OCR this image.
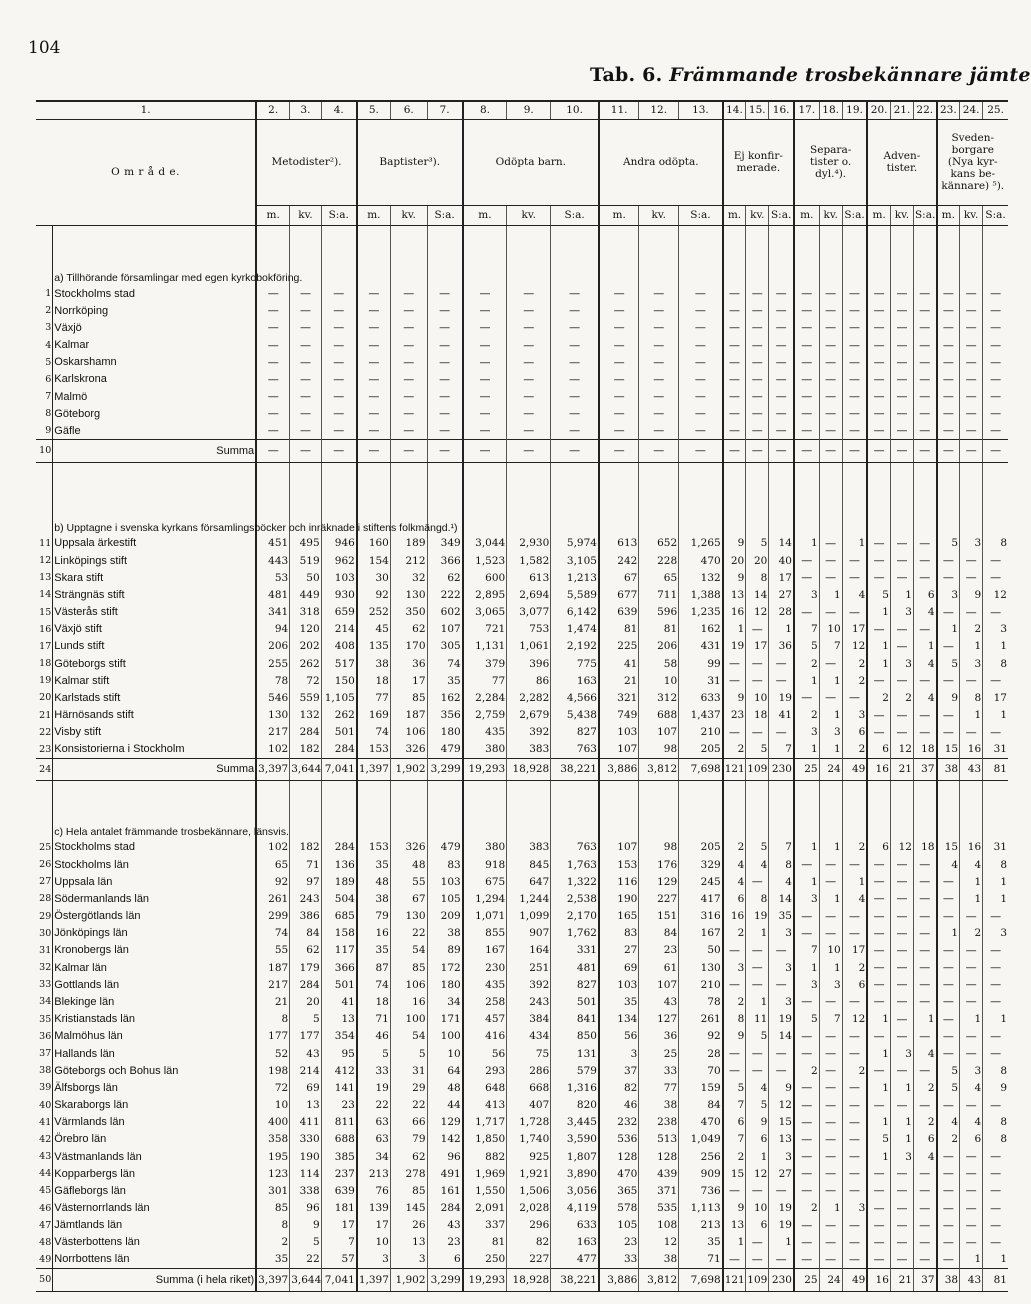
104
Tab. 6. Främmande trosbekännare jämte
1.		2.	3.	4.	5.	6.	7.	8.	9.	10.	11.	12.	13.	14.	15.	16.	17.	18.	19.	20.	21.	22.	23.	24.	25.
O m r å d e.		Metodister²).			Baptister³).			Odöpta barn.			Andra odöpta.			Ej konfir- merade.			Separa- tister o. dyl.⁴).			Adven- tister.			Sveden- borgare (Nya kyr- kans be- kännare) ⁵).		
		m.	kv.	S:a.	m.	kv.	S:a.	m.	kv.	S:a.	m.	kv.	S:a.	m.	kv.	S:a.	m.	kv.	S:a.	m.	kv.	S:a.	m.	kv.	S:a.
	a) Tillhörande församlingar med egen kyrkobokföring.																								
1	Stockholms stad	—	—	—	—	—	—	—	—	—	—	—	—	—	—	—	—	—	—	—	—	—	—	—	—
2	Norrköping	—	—	—	—	—	—	—	—	—	—	—	—	—	—	—	—	—	—	—	—	—	—	—	—
3	Växjö	—	—	—	—	—	—	—	—	—	—	—	—	—	—	—	—	—	—	—	—	—	—	—	—
4	Kalmar	—	—	—	—	—	—	—	—	—	—	—	—	—	—	—	—	—	—	—	—	—	—	—	—
5	Oskarshamn	—	—	—	—	—	—	—	—	—	—	—	—	—	—	—	—	—	—	—	—	—	—	—	—
6	Karlskrona	—	—	—	—	—	—	—	—	—	—	—	—	—	—	—	—	—	—	—	—	—	—	—	—
7	Malmö	—	—	—	—	—	—	—	—	—	—	—	—	—	—	—	—	—	—	—	—	—	—	—	—
8	Göteborg	—	—	—	—	—	—	—	—	—	—	—	—	—	—	—	—	—	—	—	—	—	—	—	—
9	Gäfle	—	—	—	—	—	—	—	—	—	—	—	—	—	—	—	—	—	—	—	—	—	—	—	—
10	Summa	—	—	—	—	—	—	—	—	—	—	—	—	—	—	—	—	—	—	—	—	—	—	—	—
	b) Upptagne i svenska kyrkans församlingsböcker och inräknade i stiftens folkmängd.¹)																								
11	Uppsala ärkestift	451	495	946	160	189	349	3,044	2,930	5,974	613	652	1,265	9	5	14	1	—	1	—	—	—	5	3	8
12	Linköpings stift	443	519	962	154	212	366	1,523	1,582	3,105	242	228	470	20	20	40	—	—	—	—	—	—	—	—	—
13	Skara stift	53	50	103	30	32	62	600	613	1,213	67	65	132	9	8	17	—	—	—	—	—	—	—	—	—
14	Strängnäs stift	481	449	930	92	130	222	2,895	2,694	5,589	677	711	1,388	13	14	27	3	1	4	5	1	6	3	9	12
15	Västerås stift	341	318	659	252	350	602	3,065	3,077	6,142	639	596	1,235	16	12	28	—	—	—	1	3	4	—	—	—
16	Växjö stift	94	120	214	45	62	107	721	753	1,474	81	81	162	1	—	1	7	10	17	—	—	—	1	2	3
17	Lunds stift	206	202	408	135	170	305	1,131	1,061	2,192	225	206	431	19	17	36	5	7	12	1	—	1	—	1	1
18	Göteborgs stift	255	262	517	38	36	74	379	396	775	41	58	99	—	—	—	2	—	2	1	3	4	5	3	8
19	Kalmar stift	78	72	150	18	17	35	77	86	163	21	10	31	—	—	—	1	1	2	—	—	—	—	—	—
20	Karlstads stift	546	559	1,105	77	85	162	2,284	2,282	4,566	321	312	633	9	10	19	—	—	—	2	2	4	9	8	17
21	Härnösands stift	130	132	262	169	187	356	2,759	2,679	5,438	749	688	1,437	23	18	41	2	1	3	—	—	—	—	1	1
22	Visby stift	217	284	501	74	106	180	435	392	827	103	107	210	—	—	—	3	3	6	—	—	—	—	—	—
23	Konsistorierna i Stockholm	102	182	284	153	326	479	380	383	763	107	98	205	2	5	7	1	1	2	6	12	18	15	16	31
24	Summa	3,397	3,644	7,041	1,397	1,902	3,299	19,293	18,928	38,221	3,886	3,812	7,698	121	109	230	25	24	49	16	21	37	38	43	81
	c) Hela antalet främmande trosbekännare, länsvis.																								
25	Stockholms stad	102	182	284	153	326	479	380	383	763	107	98	205	2	5	7	1	1	2	6	12	18	15	16	31
26	Stockholms län	65	71	136	35	48	83	918	845	1,763	153	176	329	4	4	8	—	—	—	—	—	—	4	4	8
27	Uppsala län	92	97	189	48	55	103	675	647	1,322	116	129	245	4	—	4	1	—	1	—	—	—	—	1	1
28	Södermanlands län	261	243	504	38	67	105	1,294	1,244	2,538	190	227	417	6	8	14	3	1	4	—	—	—	—	1	1
29	Östergötlands län	299	386	685	79	130	209	1,071	1,099	2,170	165	151	316	16	19	35	—	—	—	—	—	—	—	—	—
30	Jönköpings län	74	84	158	16	22	38	855	907	1,762	83	84	167	2	1	3	—	—	—	—	—	—	1	2	3
31	Kronobergs län	55	62	117	35	54	89	167	164	331	27	23	50	—	—	—	7	10	17	—	—	—	—	—	—
32	Kalmar län	187	179	366	87	85	172	230	251	481	69	61	130	3	—	3	1	1	2	—	—	—	—	—	—
33	Gottlands län	217	284	501	74	106	180	435	392	827	103	107	210	—	—	—	3	3	6	—	—	—	—	—	—
34	Blekinge län	21	20	41	18	16	34	258	243	501	35	43	78	2	1	3	—	—	—	—	—	—	—	—	—
35	Kristianstads län	8	5	13	71	100	171	457	384	841	134	127	261	8	11	19	5	7	12	1	—	1	—	1	1
36	Malmöhus län	177	177	354	46	54	100	416	434	850	56	36	92	9	5	14	—	—	—	—	—	—	—	—	—
37	Hallands län	52	43	95	5	5	10	56	75	131	3	25	28	—	—	—	—	—	—	1	3	4	—	—	—
38	Göteborgs och Bohus län	198	214	412	33	31	64	293	286	579	37	33	70	—	—	—	2	—	2	—	—	—	5	3	8
39	Älfsborgs län	72	69	141	19	29	48	648	668	1,316	82	77	159	5	4	9	—	—	—	1	1	2	5	4	9
40	Skaraborgs län	10	13	23	22	22	44	413	407	820	46	38	84	7	5	12	—	—	—	—	—	—	—	—	—
41	Värmlands län	400	411	811	63	66	129	1,717	1,728	3,445	232	238	470	6	9	15	—	—	—	1	1	2	4	4	8
42	Örebro län	358	330	688	63	79	142	1,850	1,740	3,590	536	513	1,049	7	6	13	—	—	—	5	1	6	2	6	8
43	Västmanlands län	195	190	385	34	62	96	882	925	1,807	128	128	256	2	1	3	—	—	—	1	3	4	—	—	—
44	Kopparbergs län	123	114	237	213	278	491	1,969	1,921	3,890	470	439	909	15	12	27	—	—	—	—	—	—	—	—	—
45	Gäfleborgs län	301	338	639	76	85	161	1,550	1,506	3,056	365	371	736	—	—	—	—	—	—	—	—	—	—	—	—
46	Västernorrlands län	85	96	181	139	145	284	2,091	2,028	4,119	578	535	1,113	9	10	19	2	1	3	—	—	—	—	—	—
47	Jämtlands län	8	9	17	17	26	43	337	296	633	105	108	213	13	6	19	—	—	—	—	—	—	—	—	—
48	Västerbottens län	2	5	7	10	13	23	81	82	163	23	12	35	1	—	1	—	—	—	—	—	—	—	—	—
49	Norrbottens län	35	22	57	3	3	6	250	227	477	33	38	71	—	—	—	—	—	—	—	—	—	—	1	1
50	Summa (i hela riket)	3,397	3,644	7,041	1,397	1,902	3,299	19,293	18,928	38,221	3,886	3,812	7,698	121	109	230	25	24	49	16	21	37	38	43	81
